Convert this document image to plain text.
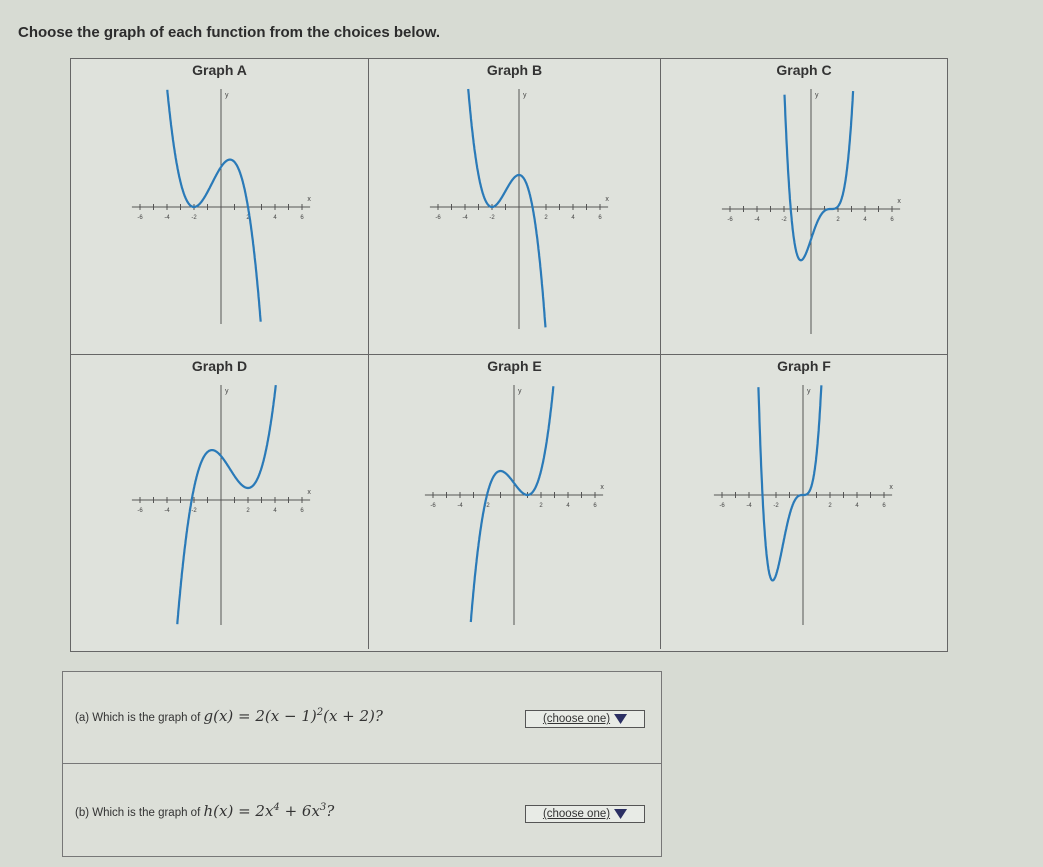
Choose the graph of each function from the choices below.
-6	-4	-2	2	4	6
x
y
Graph A
-6	-4	-2	2	4	6
x
y
Graph B
-6	-4	-2	2	4	6
x
y
Graph C
-6	-4	-2	2	4	6
x
y
Graph D
-6	-4	-2	2	4	6
x
y
Graph E
-6	-4	-2	2	4	6
x
y
Graph F
(a) Which is the graph of $g(x) = 2(x - 1)^2(x + 2)$?	(choose one)
(b) Which is the graph of $h(x) = 2x^4 + 6x^3$?	(choose one)
